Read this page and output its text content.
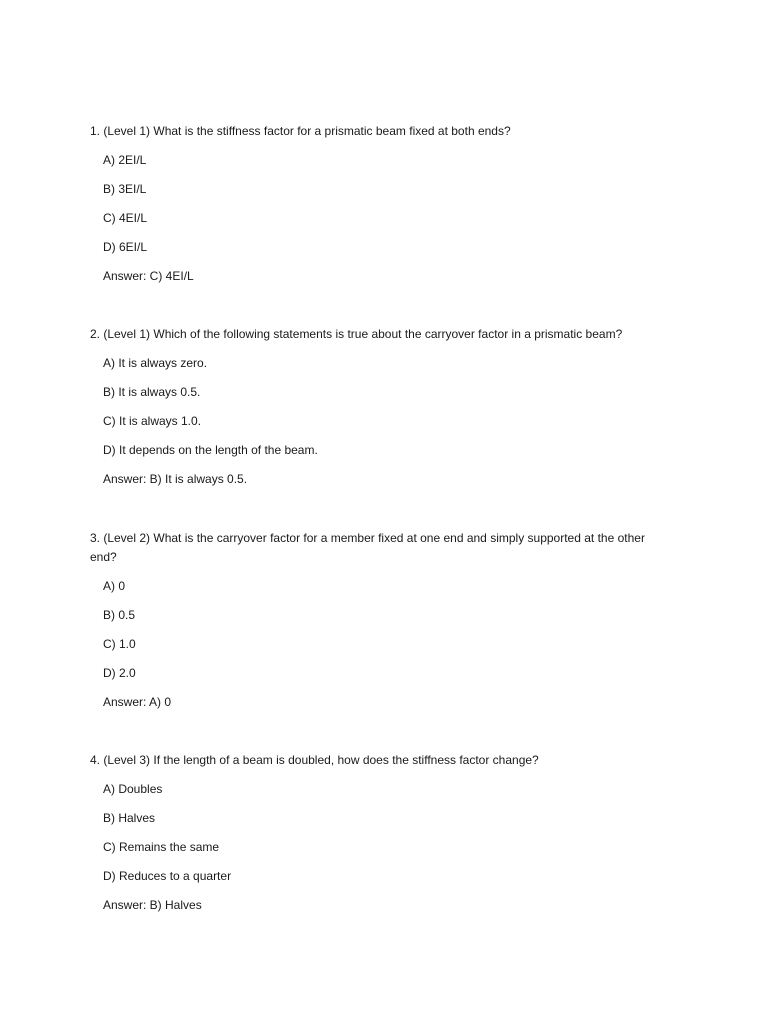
1. (Level 1) What is the stiffness factor for a prismatic beam fixed at both ends?

A) 2EI/L

B) 3EI/L

C) 4EI/L

D) 6EI/L

Answer: C) 4EI/L

2. (Level 1) Which of the following statements is true about the carryover factor in a prismatic beam?

A) It is always zero.

B) It is always 0.5.

C) It is always 1.0.

D) It depends on the length of the beam.

Answer: B) It is always 0.5.

3. (Level 2) What is the carryover factor for a member fixed at one end and simply supported at the other end?

A) 0

B) 0.5

C) 1.0

D) 2.0

Answer: A) 0

4. (Level 3) If the length of a beam is doubled, how does the stiffness factor change?

A) Doubles

B) Halves

C) Remains the same

D) Reduces to a quarter

Answer: B) Halves
